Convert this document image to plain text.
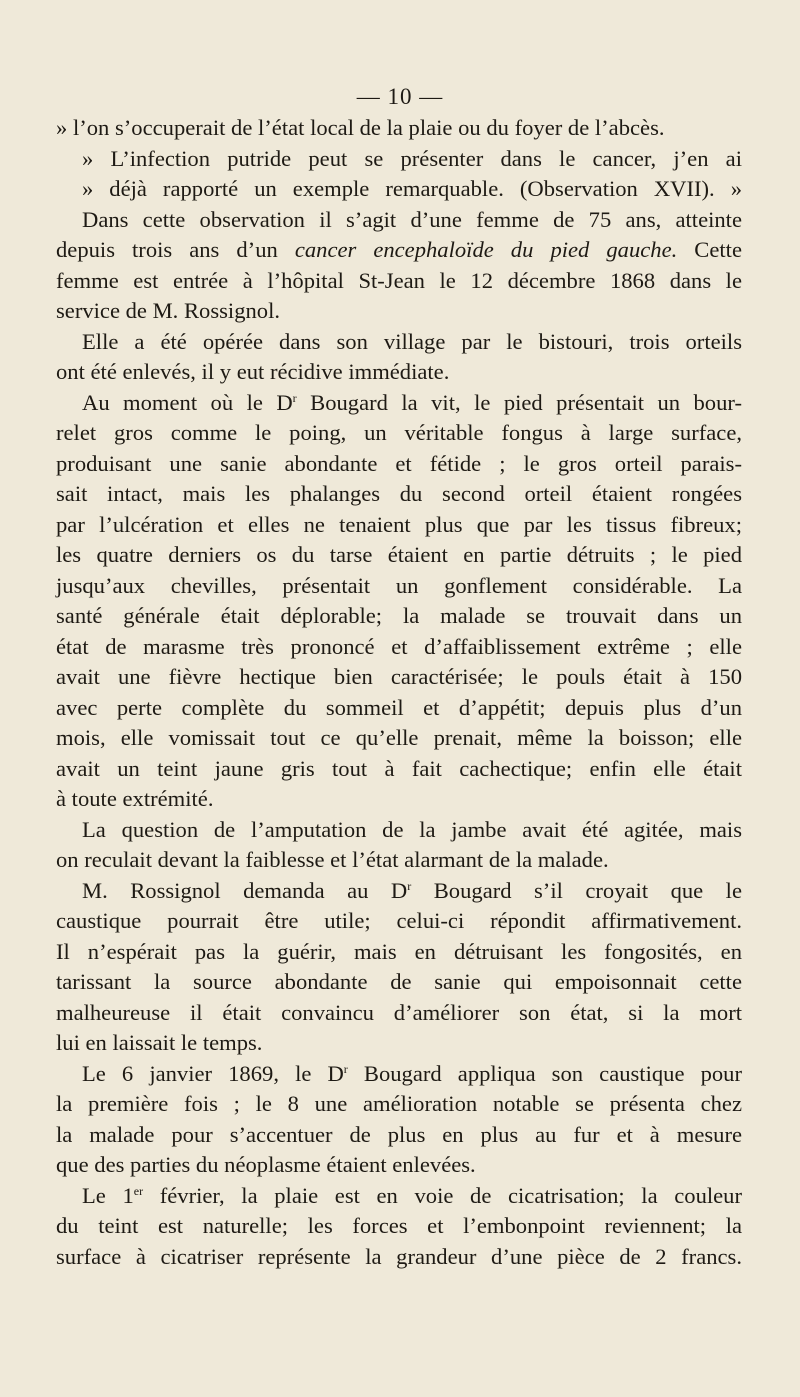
— 10 —
» l’on s’occuperait de l’état local de la plaie ou du foyer de l’abcès.
» L’infection putride peut se présenter dans le cancer, j’en ai
» déjà rapporté un exemple remarquable. (Observation XVII). »
Dans cette observation il s’agit d’une femme de 75 ans, atteinte
depuis trois ans d’un cancer encephaloïde du pied gauche. Cette
femme est entrée à l’hôpital St-Jean le 12 décembre 1868 dans le
service de M. Rossignol.
Elle a été opérée dans son village par le bistouri, trois orteils
ont été enlevés, il y eut récidive immédiate.
Au moment où le $D^r$ Bougard la vit, le pied présentait un bour-
relet gros comme le poing, un véritable fongus à large surface,
produisant une sanie abondante et fétide ; le gros orteil parais-
sait intact, mais les phalanges du second orteil étaient rongées
par l’ulcération et elles ne tenaient plus que par les tissus fibreux;
les quatre derniers os du tarse étaient en partie détruits ; le pied
jusqu’aux chevilles, présentait un gonflement considérable. La
santé générale était déplorable; la malade se trouvait dans un
état de marasme très prononcé et d’affaiblissement extrême ; elle
avait une fièvre hectique bien caractérisée; le pouls était à 150
avec perte complète du sommeil et d’appétit; depuis plus d’un
mois, elle vomissait tout ce qu’elle prenait, même la boisson; elle
avait un teint jaune gris tout à fait cachectique; enfin elle était
à toute extrémité.
La question de l’amputation de la jambe avait été agitée, mais
on reculait devant la faiblesse et l’état alarmant de la malade.
M. Rossignol demanda au $D^r$ Bougard s’il croyait que le
caustique pourrait être utile; celui-ci répondit affirmativement.
Il n’espérait pas la guérir, mais en détruisant les fongosités, en
tarissant la source abondante de sanie qui empoisonnait cette
malheureuse il était convaincu d’améliorer son état, si la mort
lui en laissait le temps.
Le 6 janvier 1869, le $D^r$ Bougard appliqua son caustique pour
la première fois ; le 8 une amélioration notable se présenta chez
la malade pour s’accentuer de plus en plus au fur et à mesure
que des parties du néoplasme étaient enlevées.
Le 1er février, la plaie est en voie de cicatrisation; la couleur
du teint est naturelle; les forces et l’embonpoint reviennent; la
surface à cicatriser représente la grandeur d’une pièce de 2 francs.
